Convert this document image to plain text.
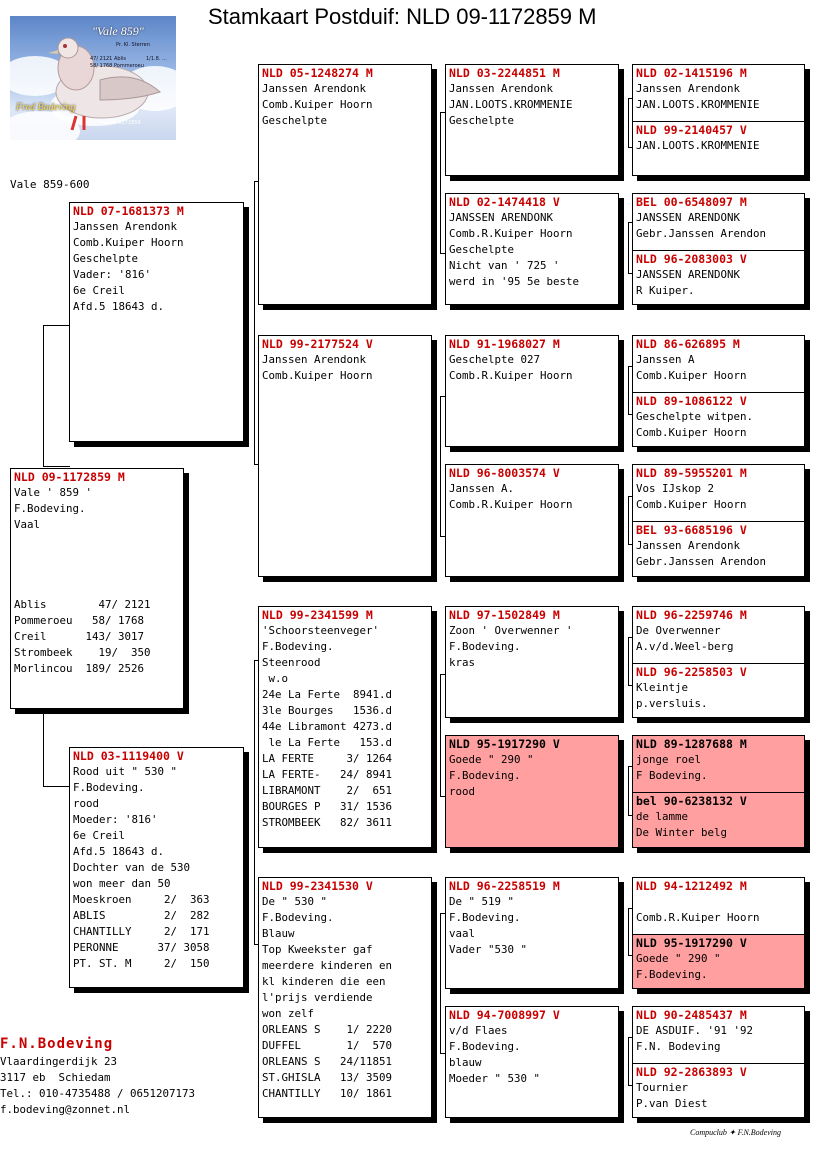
Stamkaart Postduif: NLD 09-1172859 M
"Vale 859"
Pr. Kl. Sterren
47/ 2121 Ablis
58/ 1768 Pommeroeu
1/1.8. ...
Fred Bodeving
NL-09-1172859
Vale 859-600
NLD 09-1172859 M
Vale ' 859 '
F.Bodeving.
Vaal
Ablis        47/ 2121
Pommeroeu   58/ 1768
Creil      143/ 3017
Strombeek    19/  350
Morlincou  189/ 2526
NLD 07-1681373 M
Janssen Arendonk
Comb.Kuiper Hoorn
Geschelpte
Vader: '816'
6e Creil
Afd.5 18643 d.
NLD 03-1119400 V
Rood uit " 530 "
F.Bodeving.
rood
Moeder: '816'
6e Creil
Afd.5 18643 d.
Dochter van de 530
won meer dan 50
Moeskroen     2/  363
ABLIS         2/  282
CHANTILLY     2/  171
PERONNE      37/ 3058
PT. ST. M     2/  150
NLD 05-1248274 M
Janssen Arendonk
Comb.Kuiper Hoorn
Geschelpte
NLD 99-2177524 V
Janssen Arendonk
Comb.Kuiper Hoorn
NLD 99-2341599 M
'Schoorsteenveger'
F.Bodeving.
Steenrood
w.o
24e La Ferte  8941.d
3le Bourges   1536.d
44e Libramont 4273.d
le La Ferte   153.d
LA FERTE     3/ 1264
LA FERTE-   24/ 8941
LIBRAMONT    2/  651
BOURGES P   31/ 1536
STROMBEEK   82/ 3611
NLD 99-2341530 V
De " 530 "
F.Bodeving.
Blauw
Top Kweekster gaf
meerdere kinderen en
kl kinderen die een
l'prijs verdiende
won zelf
ORLEANS S    1/ 2220
DUFFEL       1/  570
ORLEANS S   24/11851
ST.GHISLA   13/ 3509
CHANTILLY   10/ 1861
NLD 03-2244851 M
Janssen Arendonk
JAN.LOOTS.KROMMENIE
Geschelpte
NLD 02-1474418 V
JANSSEN ARENDONK
Comb.R.Kuiper Hoorn
Geschelpte
Nicht van ' 725 '
werd in '95 5e beste
NLD 91-1968027 M
Geschelpte 027
Comb.R.Kuiper Hoorn
NLD 96-8003574 V
Janssen A.
Comb.R.Kuiper Hoorn
NLD 97-1502849 M
Zoon ' Overwenner '
F.Bodeving.
kras
NLD 95-1917290 V
Goede " 290 "
F.Bodeving.
rood
NLD 96-2258519 M
De " 519 "
F.Bodeving.
vaal
Vader "530 "
NLD 94-7008997 V
v/d Flaes
F.Bodeving.
blauw
Moeder " 530 "
NLD 02-1415196 M
Janssen Arendonk
JAN.LOOTS.KROMMENIE
NLD 99-2140457 V
JAN.LOOTS.KROMMENIE
BEL 00-6548097 M
JANSSEN ARENDONK
Gebr.Janssen Arendon
NLD 96-2083003 V
JANSSEN ARENDONK
R Kuiper.
NLD 86-626895 M
Janssen A
Comb.Kuiper Hoorn
NLD 89-1086122 V
Geschelpte witpen.
Comb.Kuiper Hoorn
NLD 89-5955201 M
Vos IJskop 2
Comb.Kuiper Hoorn
BEL 93-6685196 V
Janssen Arendonk
Gebr.Janssen Arendon
NLD 96-2259746 M
De Overwenner
A.v/d.Weel-berg
NLD 96-2258503 V
Kleintje
p.versluis.
NLD 89-1287688 M
jonge roel
F Bodeving.
bel 90-6238132 V
de lamme
De Winter belg
NLD 94-1212492 M
Comb.R.Kuiper Hoorn
NLD 95-1917290 V
Goede " 290 "
F.Bodeving.
NLD 90-2485437 M
DE ASDUIF. '91 '92
F.N. Bodeving
NLD 92-2863893 V
Tournier
P.van Diest
F.N.Bodeving
Vlaardingerdijk 23
3117 eb  Schiedam
Tel.: 010-4735488 / 0651207173
f.bodeving@zonnet.nl
Compuclub ✦ F.N.Bodeving
